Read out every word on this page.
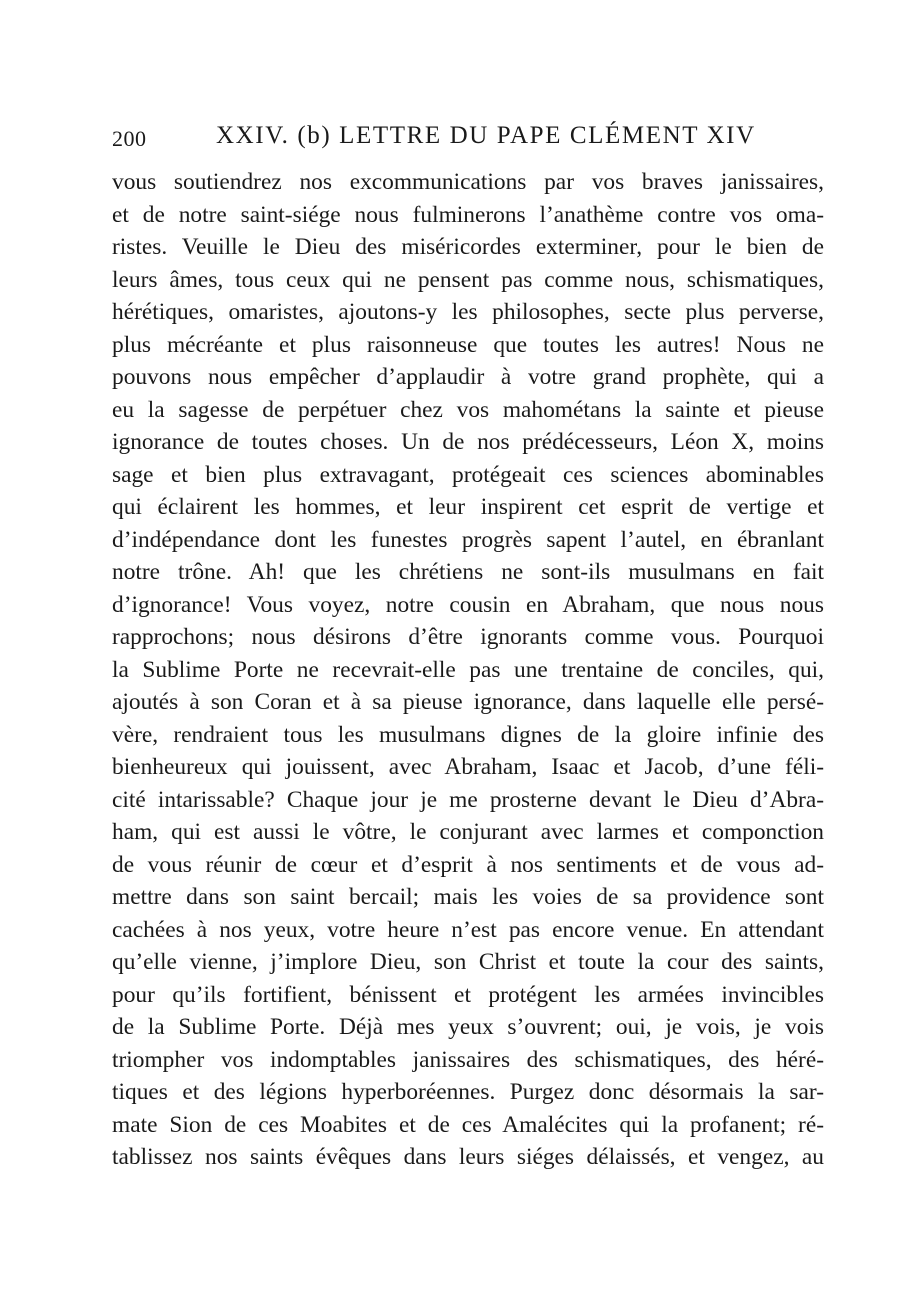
200	XXIV. (b) LETTRE DU PAPE CLÉMENT XIV
vous soutiendrez nos excommunications par vos braves janissaires,
et de notre saint-siége nous fulminerons l’anathème contre vos oma-
ristes. Veuille le Dieu des miséricordes exterminer, pour le bien de
leurs âmes, tous ceux qui ne pensent pas comme nous, schismatiques,
hérétiques, omaristes, ajoutons-y les philosophes, secte plus perverse,
plus mécréante et plus raisonneuse que toutes les autres! Nous ne
pouvons nous empêcher d’applaudir à votre grand prophète, qui a
eu la sagesse de perpétuer chez vos mahométans la sainte et pieuse
ignorance de toutes choses. Un de nos prédécesseurs, Léon X, moins
sage et bien plus extravagant, protégeait ces sciences abominables
qui éclairent les hommes, et leur inspirent cet esprit de vertige et
d’indépendance dont les funestes progrès sapent l’autel, en ébranlant
notre trône. Ah! que les chrétiens ne sont-ils musulmans en fait
d’ignorance! Vous voyez, notre cousin en Abraham, que nous nous
rapprochons; nous désirons d’être ignorants comme vous. Pourquoi
la Sublime Porte ne recevrait-elle pas une trentaine de conciles, qui,
ajoutés à son Coran et à sa pieuse ignorance, dans laquelle elle persé-
vère, rendraient tous les musulmans dignes de la gloire infinie des
bienheureux qui jouissent, avec Abraham, Isaac et Jacob, d’une féli-
cité intarissable? Chaque jour je me prosterne devant le Dieu d’Abra-
ham, qui est aussi le vôtre, le conjurant avec larmes et componction
de vous réunir de cœur et d’esprit à nos sentiments et de vous ad-
mettre dans son saint bercail; mais les voies de sa providence sont
cachées à nos yeux, votre heure n’est pas encore venue. En attendant
qu’elle vienne, j’implore Dieu, son Christ et toute la cour des saints,
pour qu’ils fortifient, bénissent et protégent les armées invincibles
de la Sublime Porte. Déjà mes yeux s’ouvrent; oui, je vois, je vois
triompher vos indomptables janissaires des schismatiques, des héré-
tiques et des légions hyperboréennes. Purgez donc désormais la sar-
mate Sion de ces Moabites et de ces Amalécites qui la profanent; ré-
tablissez nos saints évêques dans leurs siéges délaissés, et vengez, au
